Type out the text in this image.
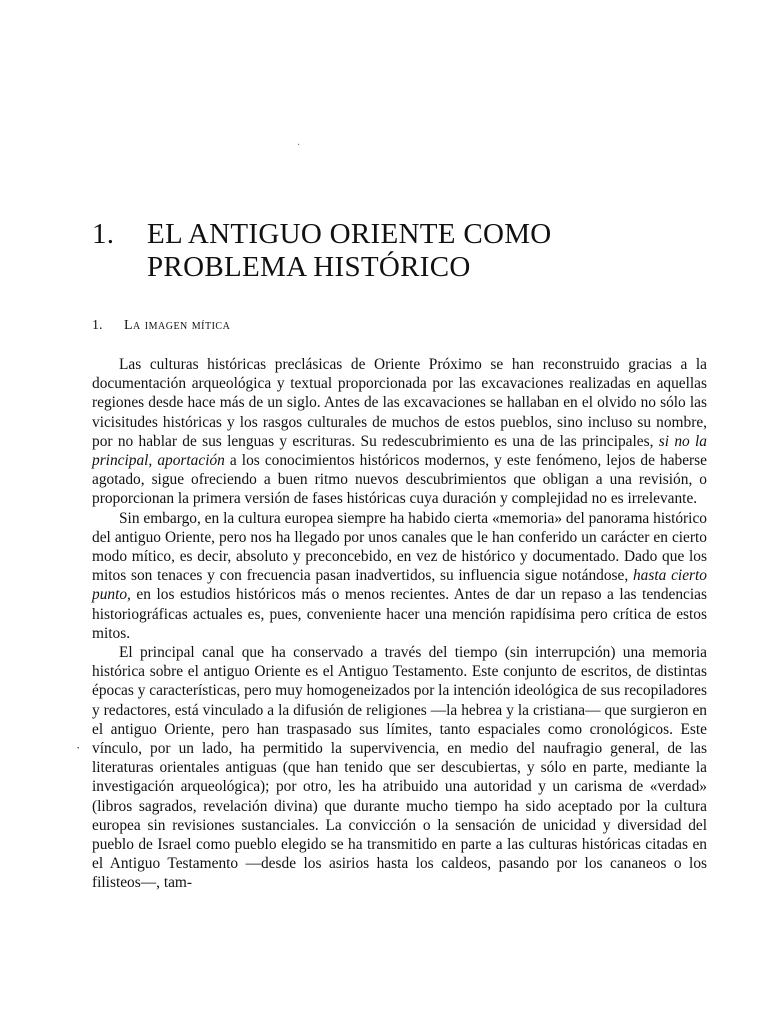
·
1.	EL ANTIGUO ORIENTE COMO
PROBLEMA HISTÓRICO
1. La imagen mítica
·

Las culturas históricas preclásicas de Oriente Próximo se han reconstruido gracias a la documentación arqueológica y textual proporcionada por las excavaciones realizadas en aquellas regiones desde hace más de un siglo. Antes de las excavaciones se hallaban en el olvido no sólo las vicisitudes históricas y los rasgos culturales de muchos de estos pueblos, sino incluso su nombre, por no hablar de sus lenguas y escrituras. Su redescubrimiento es una de las principales, si no la principal, aportación a los conocimientos históricos modernos, y este fenómeno, lejos de haberse agotado, sigue ofreciendo a buen ritmo nuevos descubrimientos que obligan a una revisión, o proporcionan la primera versión de fases históricas cuya duración y complejidad no es irrelevante.

Sin embargo, en la cultura europea siempre ha habido cierta «memoria» del panorama histórico del antiguo Oriente, pero nos ha llegado por unos canales que le han conferido un carácter en cierto modo mítico, es decir, absoluto y preconcebido, en vez de histórico y documentado. Dado que los mitos son tenaces y con frecuencia pasan inadvertidos, su influencia sigue notándose, hasta cierto punto, en los estudios históricos más o menos recientes. Antes de dar un repaso a las tendencias historiográficas actuales es, pues, conveniente hacer una mención rapidísima pero crítica de estos mitos.

El principal canal que ha conservado a través del tiempo (sin interrupción) una memoria histórica sobre el antiguo Oriente es el Antiguo Testamento. Este conjunto de escritos, de distintas épocas y características, pero muy homogeneizados por la intención ideológica de sus recopiladores y redactores, está vinculado a la difusión de religiones —la hebrea y la cristiana— que surgieron en el antiguo Oriente, pero han traspasado sus límites, tanto espaciales como cronológicos. Este vínculo, por un lado, ha permitido la supervivencia, en medio del naufragio general, de las literaturas orientales antiguas (que han tenido que ser descubiertas, y sólo en parte, mediante la investigación arqueológica); por otro, les ha atribuido una autoridad y un carisma de «verdad» (libros sagrados, revelación divina) que durante mucho tiempo ha sido aceptado por la cultura europea sin revisiones sustanciales. La convicción o la sensación de unicidad y diversidad del pueblo de Israel como pueblo elegido se ha transmitido en parte a las culturas históricas citadas en el Antiguo Testamento —desde los asirios hasta los caldeos, pasando por los cananeos o los filisteos—, tam-
